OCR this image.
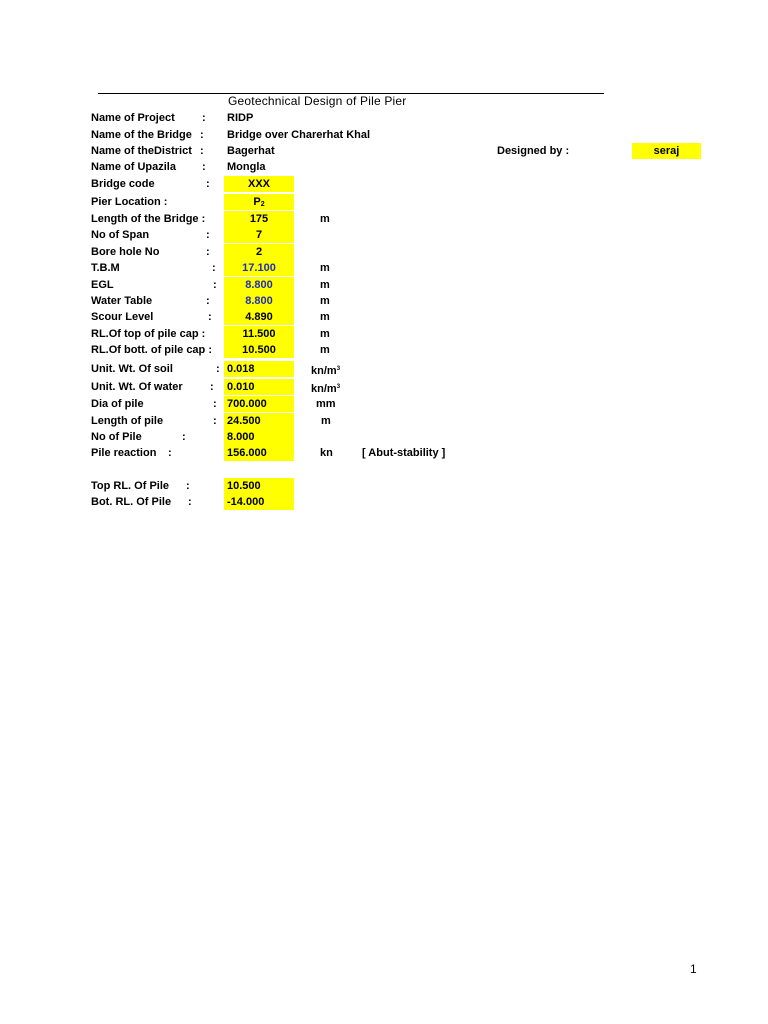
Geotechnical Design of Pile Pier
Name of Project : RIDP
Name of the Bridge : Bridge over Charerhat Khal
Name of theDistrict : Bagerhat	Designed by :	seraj
Name of Upazila : Mongla
Bridge code	:	XXX
Pier Location :	$P_2$
Length of the Bridge :	175	m
No of Span	:	7
Bore hole No	:	2
T.B.M	:	17.100	m
EGL	:	8.800	m
Water Table	:	8.800	m
Scour Level	:	4.890	m
RL.Of top of pile cap :	11.500	m
RL.Of bott. of pile cap :	10.500	m
Unit. Wt. Of soil	: 0.018	$kn/m^3$
Unit. Wt. Of water : 0.010	$kn/m^3$
Dia of pile	: 700.000	mm
Length of pile	: 24.500	m
No of Pile	:	8.000
Pile reaction :	156.000	kn	[ Abut-stability ]
Top RL. Of Pile :	10.500
Bot. RL. Of Pile :	-14.000
1
